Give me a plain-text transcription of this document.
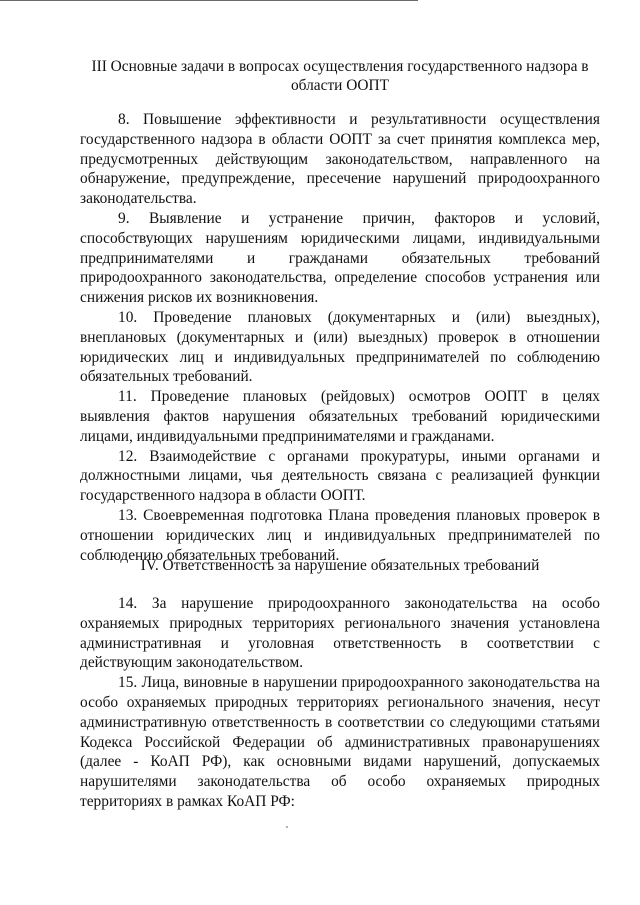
III Основные задачи в вопросах осуществления государственного надзора в области ООПТ

8. Повышение эффективности и результативности осуществления государственного надзора в области ООПТ за счет принятия комплекса мер, предусмотренных действующим законодательством, направленного на обнаружение, предупреждение, пресечение нарушений природоохранного законодательства.

9. Выявление и устранение причин, факторов и условий, способствующих нарушениям юридическими лицами, индивидуальными предпринимателями и гражданами обязательных требований природоохранного законодательства, определение способов устранения или снижения рисков их возникновения.

10. Проведение плановых (документарных и (или) выездных), внеплановых (документарных и (или) выездных) проверок в отношении юридических лиц и индивидуальных предпринимателей по соблюдению обязательных требований.

11. Проведение плановых (рейдовых) осмотров ООПТ в целях выявления фактов нарушения обязательных требований юридическими лицами, индивидуальными предпринимателями и гражданами.

12. Взаимодействие с органами прокуратуры, иными органами и должностными лицами, чья деятельность связана с реализацией функции государственного надзора в области ООПТ.

13. Своевременная подготовка Плана проведения плановых проверок в отношении юридических лиц и индивидуальных предпринимателей по соблюдению обязательных требований.

IV. Ответственность за нарушение обязательных требований

14. За нарушение природоохранного законодательства на особо охраняемых природных территориях регионального значения установлена административная и уголовная ответственность в соответствии с действующим законодательством.

15. Лица, виновные в нарушении природоохранного законодательства на особо охраняемых природных территориях регионального значения, несут административную ответственность в соответствии со следующими статьями Кодекса Российской Федерации об административных правонарушениях (далее - КоАП РФ), как основными видами нарушений, допускаемых нарушителями законодательства об особо охраняемых природных территориях в рамках КоАП РФ:
